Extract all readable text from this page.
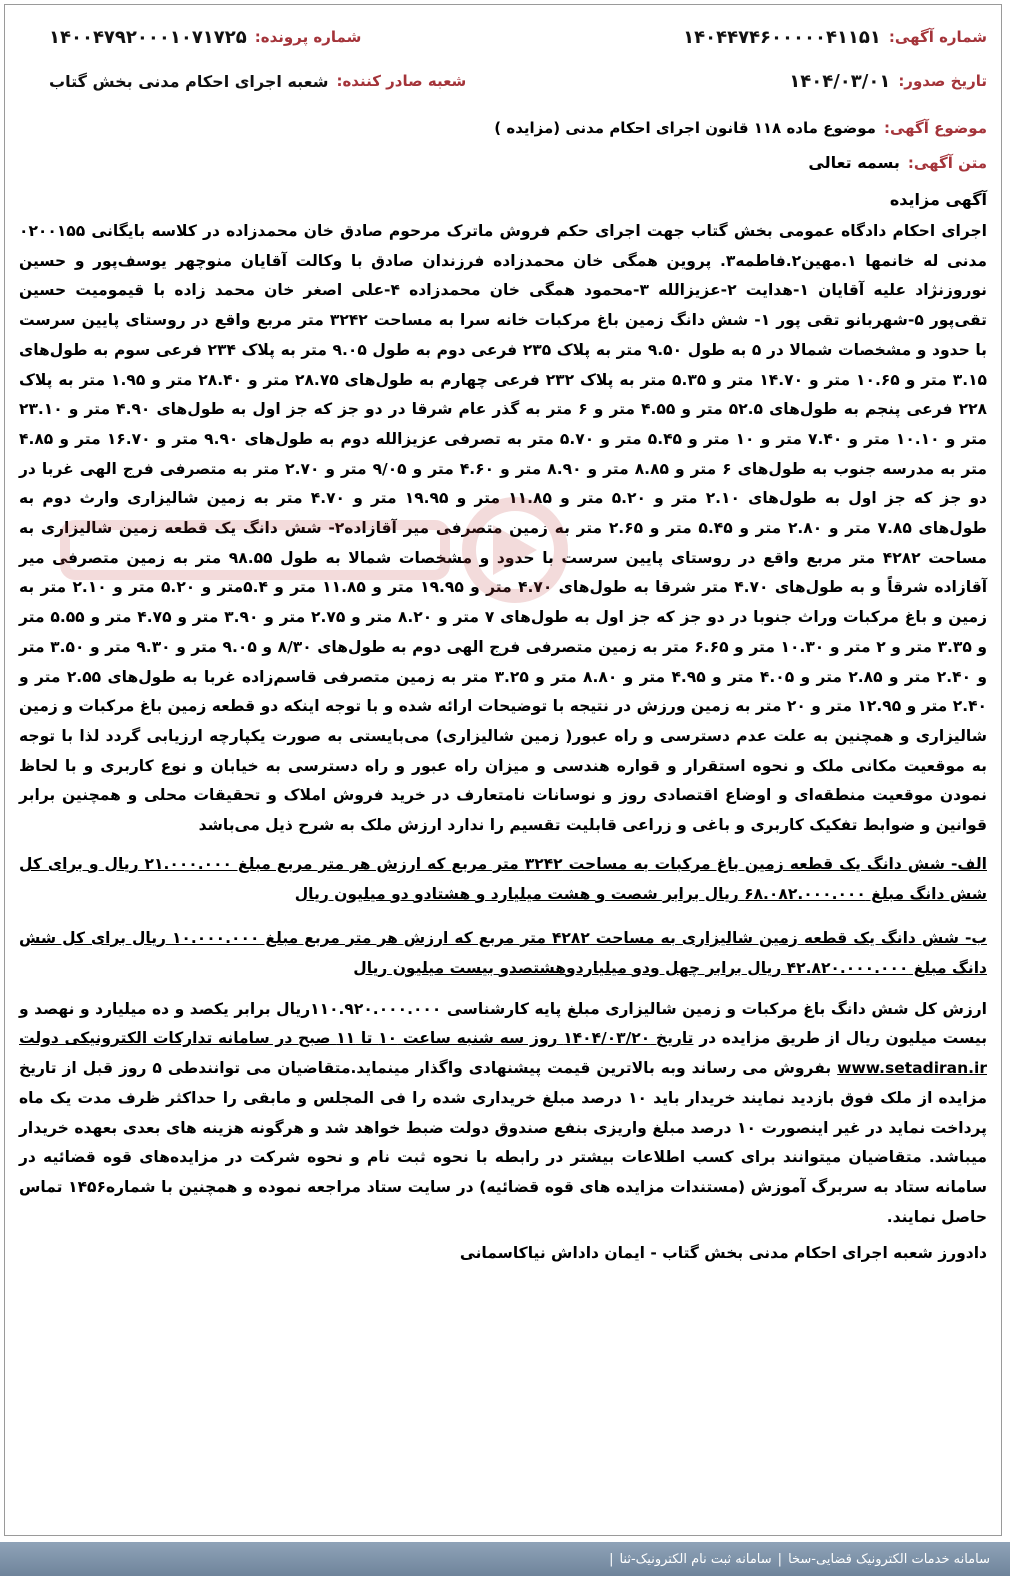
شماره آگهی:
۱۴۰۴۴۷۴۶۰۰۰۰۰۴۱۱۵۱
شماره پرونده:
۱۴۰۰۴۷۹۲۰۰۰۱۰۷۱۷۲۵
تاریخ صدور:
۱۴۰۴/۰۳/۰۱
شعبه صادر کننده:
شعبه اجرای احکام مدنی بخش گتاب
موضوع آگهی:
موضوع ماده ۱۱۸ قانون اجرای احکام مدنی (مزایده )
متن آگهی:
بسمه تعالی
آگهی مزایده
اجرای احکام دادگاه عمومی بخش گتاب جهت اجرای حکم فروش ماترک مرحوم صادق خان محمدزاده در کلاسه بایگانی ۰۲۰۰۱۵۵ مدنی له خانمها ۱.مهین۲.فاطمه۳. پروین همگی خان محمدزاده فرزندان صادق با وکالت آقایان منوچهر یوسف‌پور و حسین نوروزنژاد علیه آقایان ۱-هدایت ۲-عزیزالله ۳-محمود همگی خان محمدزاده ۴-علی اصغر خان محمد زاده با قیمومیت حسین تقی‌پور ۵-شهربانو تقی پور ۱- شش دانگ زمین باغ مرکبات خانه سرا به مساحت ۳۲۴۲ متر مربع واقع در روستای پایین سرست با حدود و مشخصات شمالا در ۵ به طول ۹.۵۰ متر به پلاک ۲۳۵ فرعی دوم به طول ۹.۰۵ متر به پلاک ۲۳۴ فرعی سوم به طول‌های ۳.۱۵ متر و ۱۰.۶۵ متر و ۱۴.۷۰ متر و ۵.۳۵ متر به پلاک ۲۳۲ فرعی چهارم به طول‌های ۲۸.۷۵ متر و ۲۸.۴۰ متر و ۱.۹۵ متر به پلاک ۲۲۸ فرعی پنجم به طول‌های ۵۲.۵ متر و ۴.۵۵ متر و ۶ متر به گذر عام شرقا در دو جز که جز اول به طول‌های ۴.۹۰ متر و ۲۳.۱۰ متر و ۱۰.۱۰ متر و ۷.۴۰ متر و ۱۰ متر و ۵.۴۵ متر و ۵.۷۰ متر به تصرفی عزیزالله دوم به طول‌های ۹.۹۰ متر و ۱۶.۷۰ متر و ۴.۸۵ متر به مدرسه جنوب به طول‌های ۶ متر و ۸.۸۵ متر و ۸.۹۰ متر و ۴.۶۰ متر و ۹/۰۵ متر و ۲.۷۰ متر به متصرفی فرج الهی غربا در دو جز که جز اول به طول‌های ۲.۱۰ متر و ۵.۲۰ متر و ۱۱.۸۵ متر و ۱۹.۹۵ متر و ۴.۷۰ متر به زمین شالیزاری وارث دوم به طول‌های ۷.۸۵ متر و ۲.۸۰ متر و ۵.۴۵ متر و ۲.۶۵ متر به زمین متصرفی میر آقازاده۲- شش دانگ یک قطعه زمین شالیزاری به مساحت ۴۲۸۲ متر مربع واقع در روستای پایین سرست با حدود و مشخصات شمالا به طول ۹۸.۵۵ متر به زمین متصرفی میر آقازاده شرقاً و به طول‌های ۴.۷۰ متر شرقا به طول‌های ۴.۷۰ متر و ۱۹.۹۵ متر و ۱۱.۸۵ متر و ۵.۴متر و ۵.۲۰ متر و ۲.۱۰ متر به زمین و باغ مرکبات وراث جنوبا در دو جز که جز اول به طول‌های ۷ متر و ۸.۲۰ متر و ۲.۷۵ متر و ۳.۹۰ متر و ۴.۷۵ متر و ۵.۵۵ متر و ۳.۳۵ متر و ۲ متر و ۱۰.۳۰ متر و ۶.۶۵ متر به زمین متصرفی فرج الهی دوم به طول‌های ۸/۳۰ و ۹.۰۵ متر و ۹.۳۰ متر و ۳.۵۰ متر و ۲.۴۰ متر و ۲.۸۵ متر و ۴.۰۵ متر و ۴.۹۵ متر و ۸.۸۰ متر و ۳.۲۵ متر به زمین متصرفی قاسم‌زاده غربا به طول‌های ۲.۵۵ متر و ۲.۴۰ متر و ۱۲.۹۵ متر و ۲۰ متر به زمین ورزش در نتیجه با توضیحات ارائه شده و با توجه اینکه دو قطعه زمین باغ مرکبات و زمین شالیزاری و همچنین به علت عدم دسترسی و راه عبور( زمین شالیزاری) می‌بایستی به صورت یکپارچه ارزیابی گردد لذا با توجه به موقعیت مکانی ملک و نحوه استقرار و قواره هندسی و میزان راه عبور و راه دسترسی به خیابان و نوع کاربری و با لحاظ نمودن موقعیت منطقه‌ای و اوضاع اقتصادی روز و نوسانات نامتعارف در خرید فروش املاک و تحقیقات محلی و همچنین برابر قوانین و ضوابط تفکیک کاربری و باغی و زراعی قابلیت تقسیم را ندارد ارزش ملک به شرح ذیل می‌باشد
الف- شش دانگ یک قطعه زمین باغ مرکبات به مساحت ۳۲۴۲ متر مربع که ارزش هر متر مربع مبلغ ۲۱.۰۰۰.۰۰۰ ریال و برای کل شش دانگ مبلغ ۶۸.۰۸۲.۰۰۰.۰۰۰ ریال برابر شصت و هشت میلیارد و هشتادو دو میلیون ریال
ب- شش دانگ یک قطعه زمین شالیزاری به مساحت ۴۲۸۲ متر مربع که ارزش هر متر مربع مبلغ ۱۰.۰۰۰.۰۰۰ ریال برای کل شش دانگ مبلغ ۴۲.۸۲۰.۰۰۰.۰۰۰ ریال برابر چهل ودو میلیاردوهشتصدو بیست میلیون ریال
ارزش کل شش دانگ باغ مرکبات و زمین شالیزاری مبلغ پایه کارشناسی ۱۱۰.۹۲۰.۰۰۰.۰۰۰ریال برابر یکصد و ده میلیارد و نهصد و بیست میلیون ریال از طریق مزایده در تاریخ ۱۴۰۴/۰۳/۲۰ روز سه شنبه ساعت ۱۰ تا ۱۱ صبح در سامانه تدارکات الکترونیکی دولت www.setadiran.ir بفروش می رساند وبه بالاترین قیمت پیشنهادی واگذار مینماید.متقاضیان می توانندطی ۵ روز قبل از تاریخ مزایده از ملک فوق بازدید نمایند خریدار باید ۱۰ درصد مبلغ خریداری شده را فی المجلس و مابقی را حداکثر ظرف مدت یک ماه پرداخت نماید در غیر اینصورت ۱۰ درصد مبلغ واریزی بنفع صندوق دولت ضبط خواهد شد و هرگونه هزینه های بعدی بعهده خریدار میباشد. متقاضیان میتوانند برای کسب اطلاعات بیشتر در رابطه با نحوه ثبت نام و نحوه شرکت در مزایده‌های قوه قضائیه در سامانه ستاد به سربرگ آموزش (مستندات مزایده های قوه قضائیه) در سایت ستاد مراجعه نموده و همچنین با شماره۱۴۵۶ تماس حاصل نمایند.
دادورز شعبه اجرای احکام مدنی بخش گتاب - ایمان داداش نیاکاسمانی
سامانه خدمات الکترونیک قضایی-سخا
|
سامانه ثبت نام الکترونیک-ثنا
|
